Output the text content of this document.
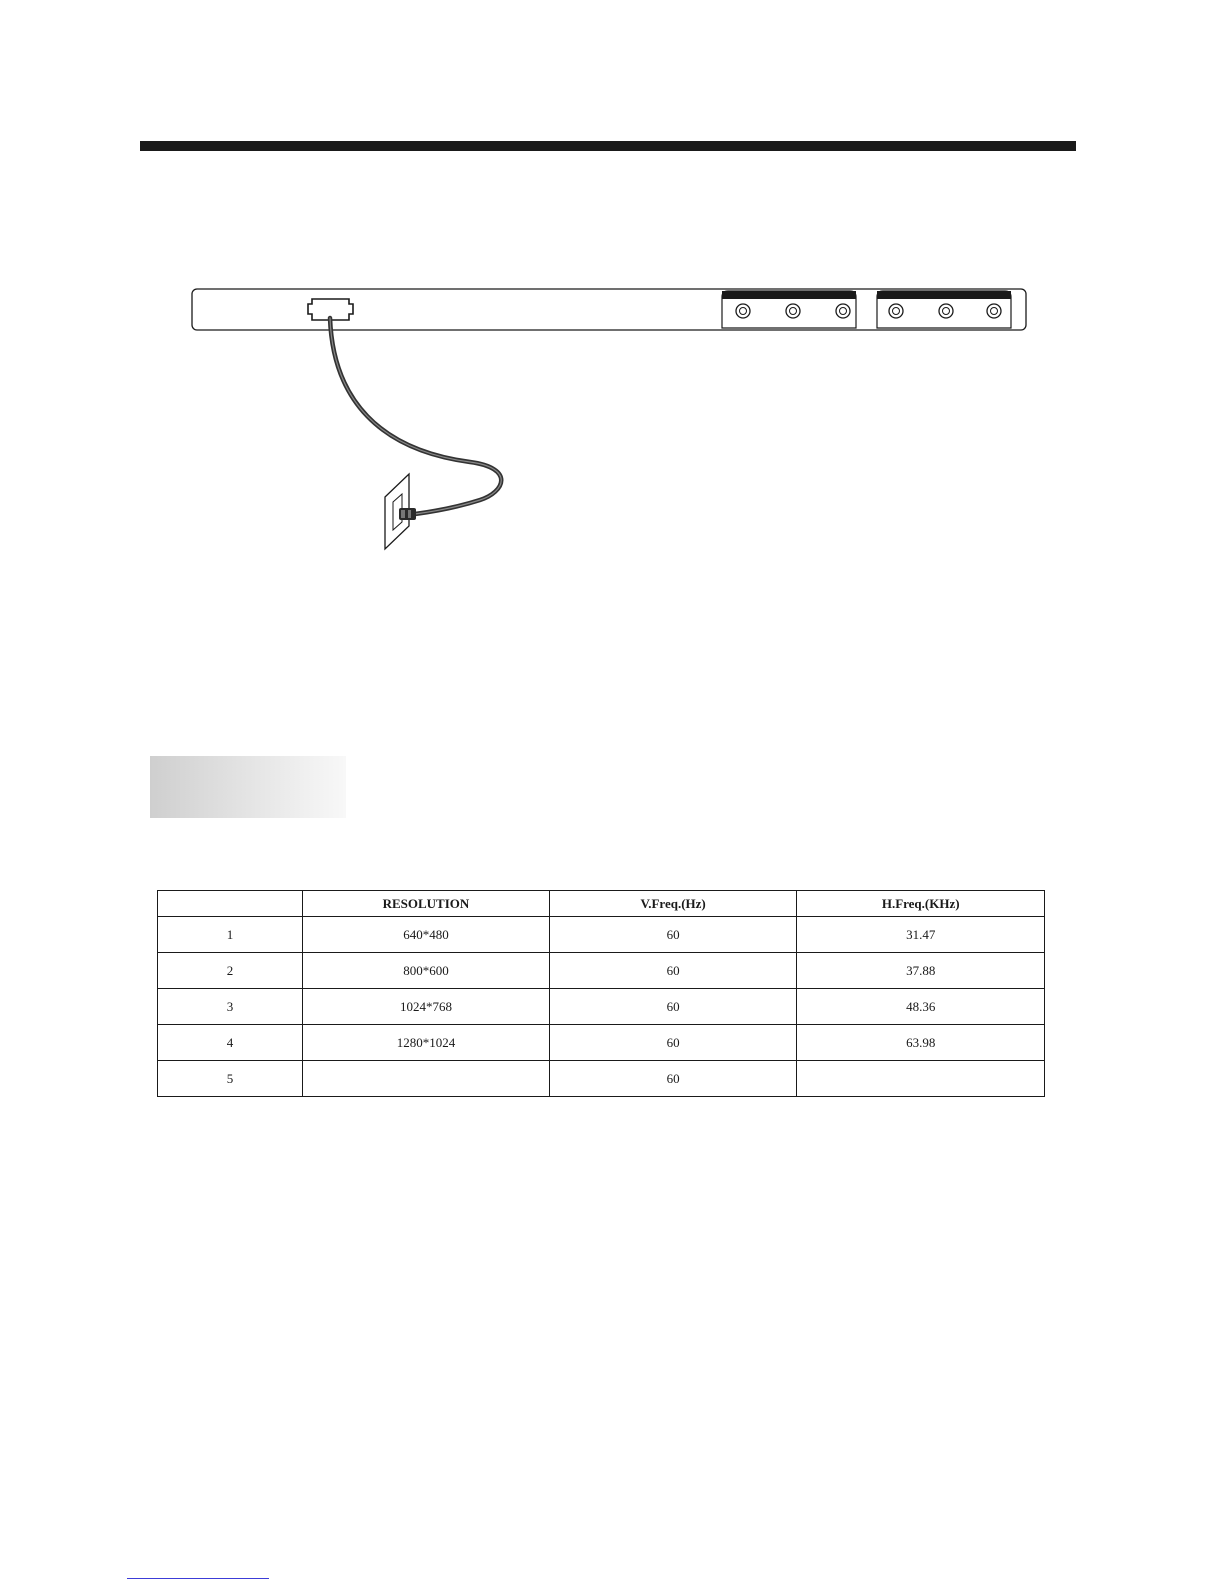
	RESOLUTION	V.Freq.(Hz)	H.Freq.(KHz)
1	640*480	60	31.47
2	800*600	60	37.88
3	1024*768	60	48.36
4	1280*1024	60	63.98
5		60	
